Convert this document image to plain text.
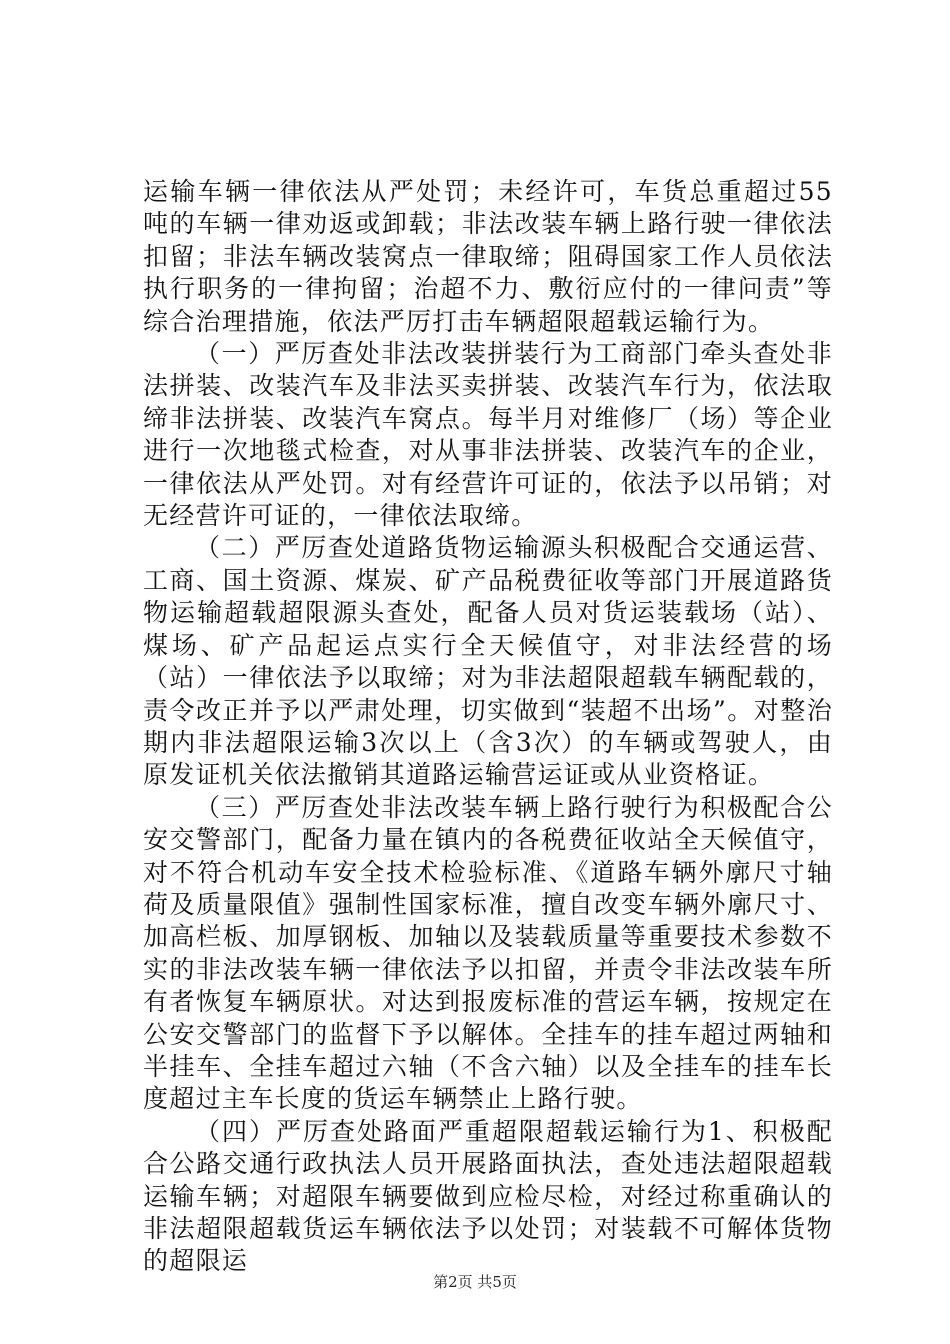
运输车辆一律依法从严处罚；未经许可，车货总重超过55吨的车辆一律劝返或卸载；非法改装车辆上路行驶一律依法扣留；非法车辆改装窝点一律取缔；阻碍国家工作人员依法执行职务的一律拘留；治超不力、敷衍应付的一律问责”等综合治理措施，依法严厉打击车辆超限超载运输行为。

（一）严厉查处非法改装拼装行为工商部门牵头查处非法拼装、改装汽车及非法买卖拼装、改装汽车行为，依法取缔非法拼装、改装汽车窝点。每半月对维修厂（场）等企业进行一次地毯式检查，对从事非法拼装、改装汽车的企业，一律依法从严处罚。对有经营许可证的，依法予以吊销；对无经营许可证的，一律依法取缔。

（二）严厉查处道路货物运输源头积极配合交通运营、工商、国土资源、煤炭、矿产品税费征收等部门开展道路货物运输超载超限源头查处，配备人员对货运装载场（站）、煤场、矿产品起运点实行全天候值守，对非法经营的场（站）一律依法予以取缔；对为非法超限超载车辆配载的，责令改正并予以严肃处理，切实做到“装超不出场”。对整治期内非法超限运输3次以上（含3次）的车辆或驾驶人，由原发证机关依法撤销其道路运输营运证或从业资格证。

（三）严厉查处非法改装车辆上路行驶行为积极配合公安交警部门，配备力量在镇内的各税费征收站全天候值守，对不符合机动车安全技术检验标准、《道路车辆外廓尺寸轴荷及质量限值》强制性国家标准，擅自改变车辆外廓尺寸、加高栏板、加厚钢板、加轴以及装载质量等重要技术参数不实的非法改装车辆一律依法予以扣留，并责令非法改装车所有者恢复车辆原状。对达到报废标准的营运车辆，按规定在公安交警部门的监督下予以解体。全挂车的挂车超过两轴和半挂车、全挂车超过六轴（不含六轴）以及全挂车的挂车长度超过主车长度的货运车辆禁止上路行驶。

（四）严厉查处路面严重超限超载运输行为1、积极配合公路交通行政执法人员开展路面执法，查处违法超限超载运输车辆；对超限车辆要做到应检尽检，对经过称重确认的非法超限超载货运车辆依法予以处罚；对装载不可解体货物的超限运

第2页 共5页
